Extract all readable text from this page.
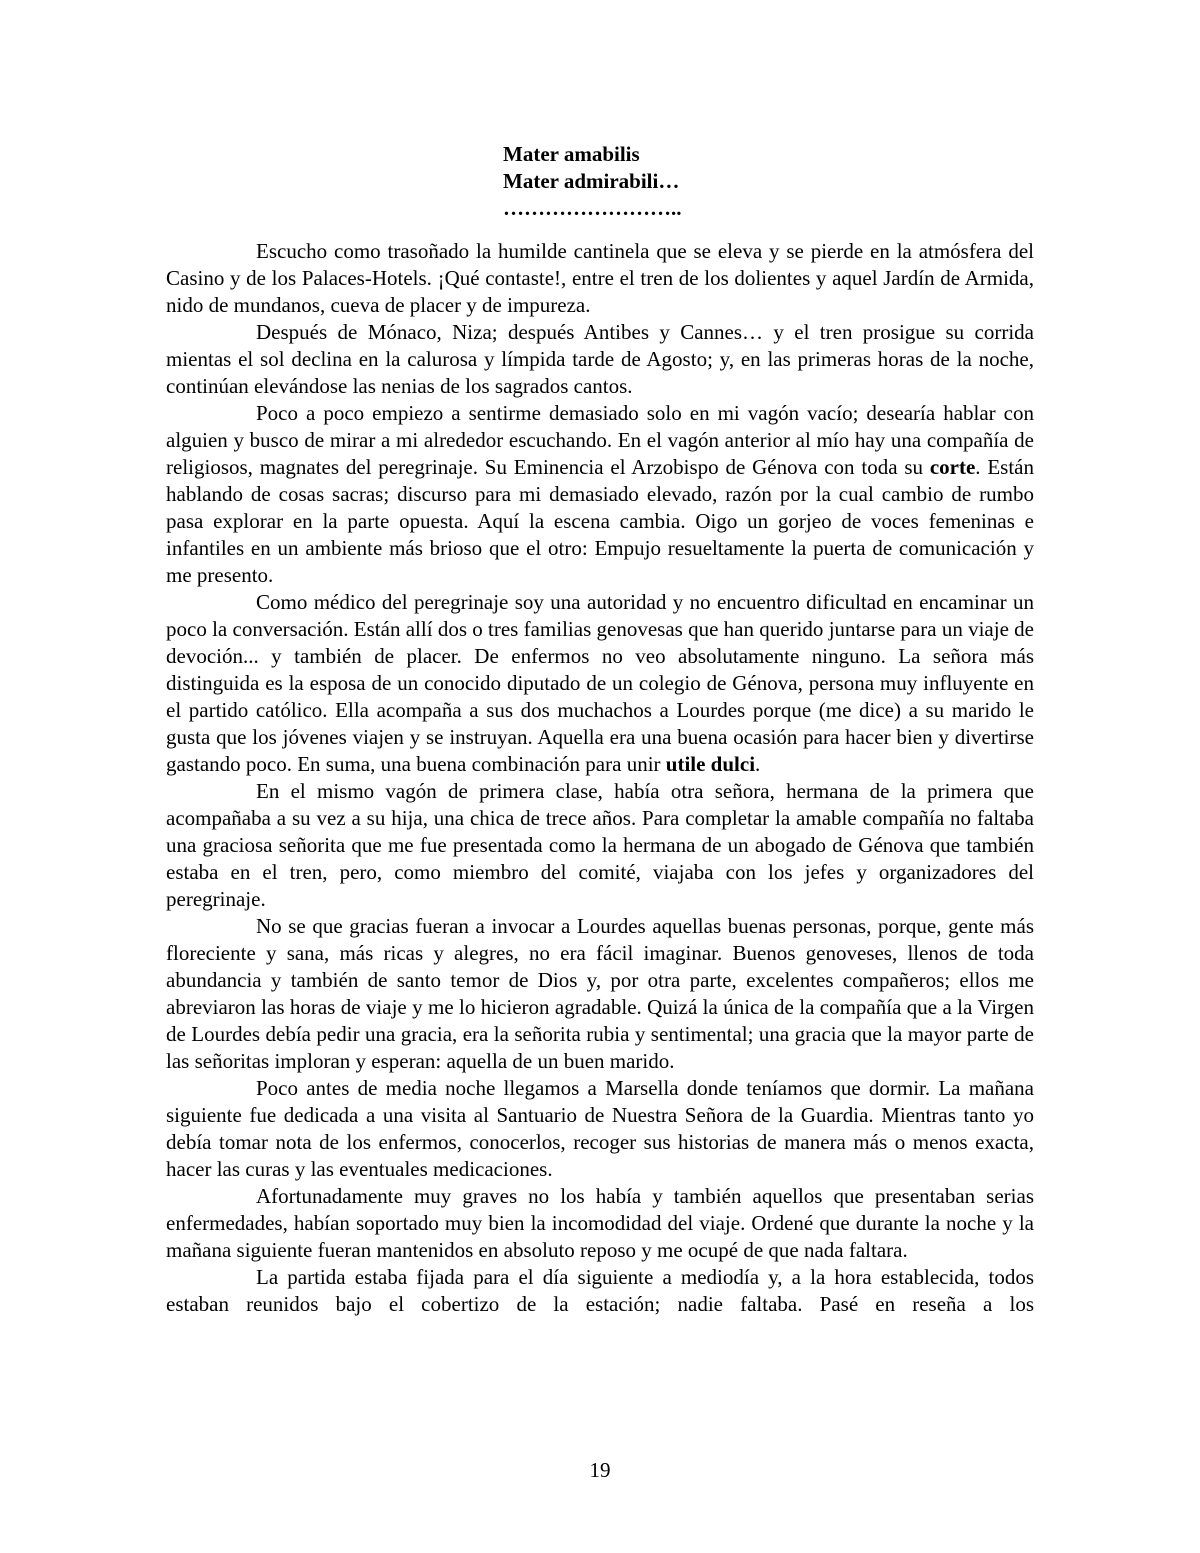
Mater amabilis
Mater admirabili…
……………………..

Escucho como trasoñado la humilde cantinela que se eleva y se pierde en la atmósfera del Casino y de los Palaces-Hotels. ¡Qué contaste!, entre el tren de los dolientes y aquel Jardín de Armida, nido de mundanos, cueva de placer y de impureza.

Después de Mónaco, Niza; después Antibes y Cannes… y el tren prosigue su corrida mientas el sol declina en la calurosa y límpida tarde de Agosto; y, en las primeras horas de la noche, continúan elevándose las nenias de los sagrados cantos.

Poco a poco empiezo a sentirme demasiado solo en mi vagón vacío; desearía hablar con alguien y busco de mirar a mi alrededor escuchando. En el vagón anterior al mío hay una compañía de religiosos, magnates del peregrinaje. Su Eminencia el Arzobispo de Génova con toda su corte. Están hablando de cosas sacras; discurso para mi demasiado elevado, razón por la cual cambio de rumbo pasa explorar en la parte opuesta. Aquí la escena cambia. Oigo un gorjeo de voces femeninas e infantiles en un ambiente más brioso que el otro: Empujo resueltamente la puerta de comunicación y me presento.

Como médico del peregrinaje soy una autoridad y no encuentro dificultad en encaminar un poco la conversación. Están allí dos o tres familias genovesas que han querido juntarse para un viaje de devoción... y también de placer. De enfermos no veo absolutamente ninguno. La señora más distinguida es la esposa de un conocido diputado de un colegio de Génova, persona muy influyente en el partido católico. Ella acompaña a sus dos muchachos a Lourdes porque (me dice) a su marido le gusta que los jóvenes viajen y se instruyan. Aquella era una buena ocasión para hacer bien y divertirse gastando poco. En suma, una buena combinación para unir utile dulci.

En el mismo vagón de primera clase, había otra señora, hermana de la primera que acompañaba a su vez a su hija, una chica de trece años. Para completar la amable compañía no faltaba una graciosa señorita que me fue presentada como la hermana de un abogado de Génova que también estaba en el tren, pero, como miembro del comité, viajaba con los jefes y organizadores del peregrinaje.

No se que gracias fueran a invocar a Lourdes aquellas buenas personas, porque, gente más floreciente y sana, más ricas y alegres, no era fácil imaginar. Buenos genoveses, llenos de toda abundancia y también de santo temor de Dios y, por otra parte, excelentes compañeros; ellos me abreviaron las horas de viaje y me lo hicieron agradable. Quizá la única de la compañía que a la Virgen de Lourdes debía pedir una gracia, era la señorita rubia y sentimental; una gracia que la mayor parte de las señoritas imploran y esperan: aquella de un buen marido.

Poco antes de media noche llegamos a Marsella donde teníamos que dormir. La mañana siguiente fue dedicada a una visita al Santuario de Nuestra Señora de la Guardia. Mientras tanto yo debía tomar nota de los enfermos, conocerlos, recoger sus historias de manera más o menos exacta, hacer las curas y las eventuales medicaciones.

Afortunadamente muy graves no los había y también aquellos que presentaban serias enfermedades, habían soportado muy bien la incomodidad del viaje. Ordené que durante la noche y la mañana siguiente fueran mantenidos en absoluto reposo y me ocupé de que nada faltara.

La partida estaba fijada para el día siguiente a mediodía y, a la hora establecida, todos estaban reunidos bajo el cobertizo de la estación; nadie faltaba. Pasé en reseña a los

19
